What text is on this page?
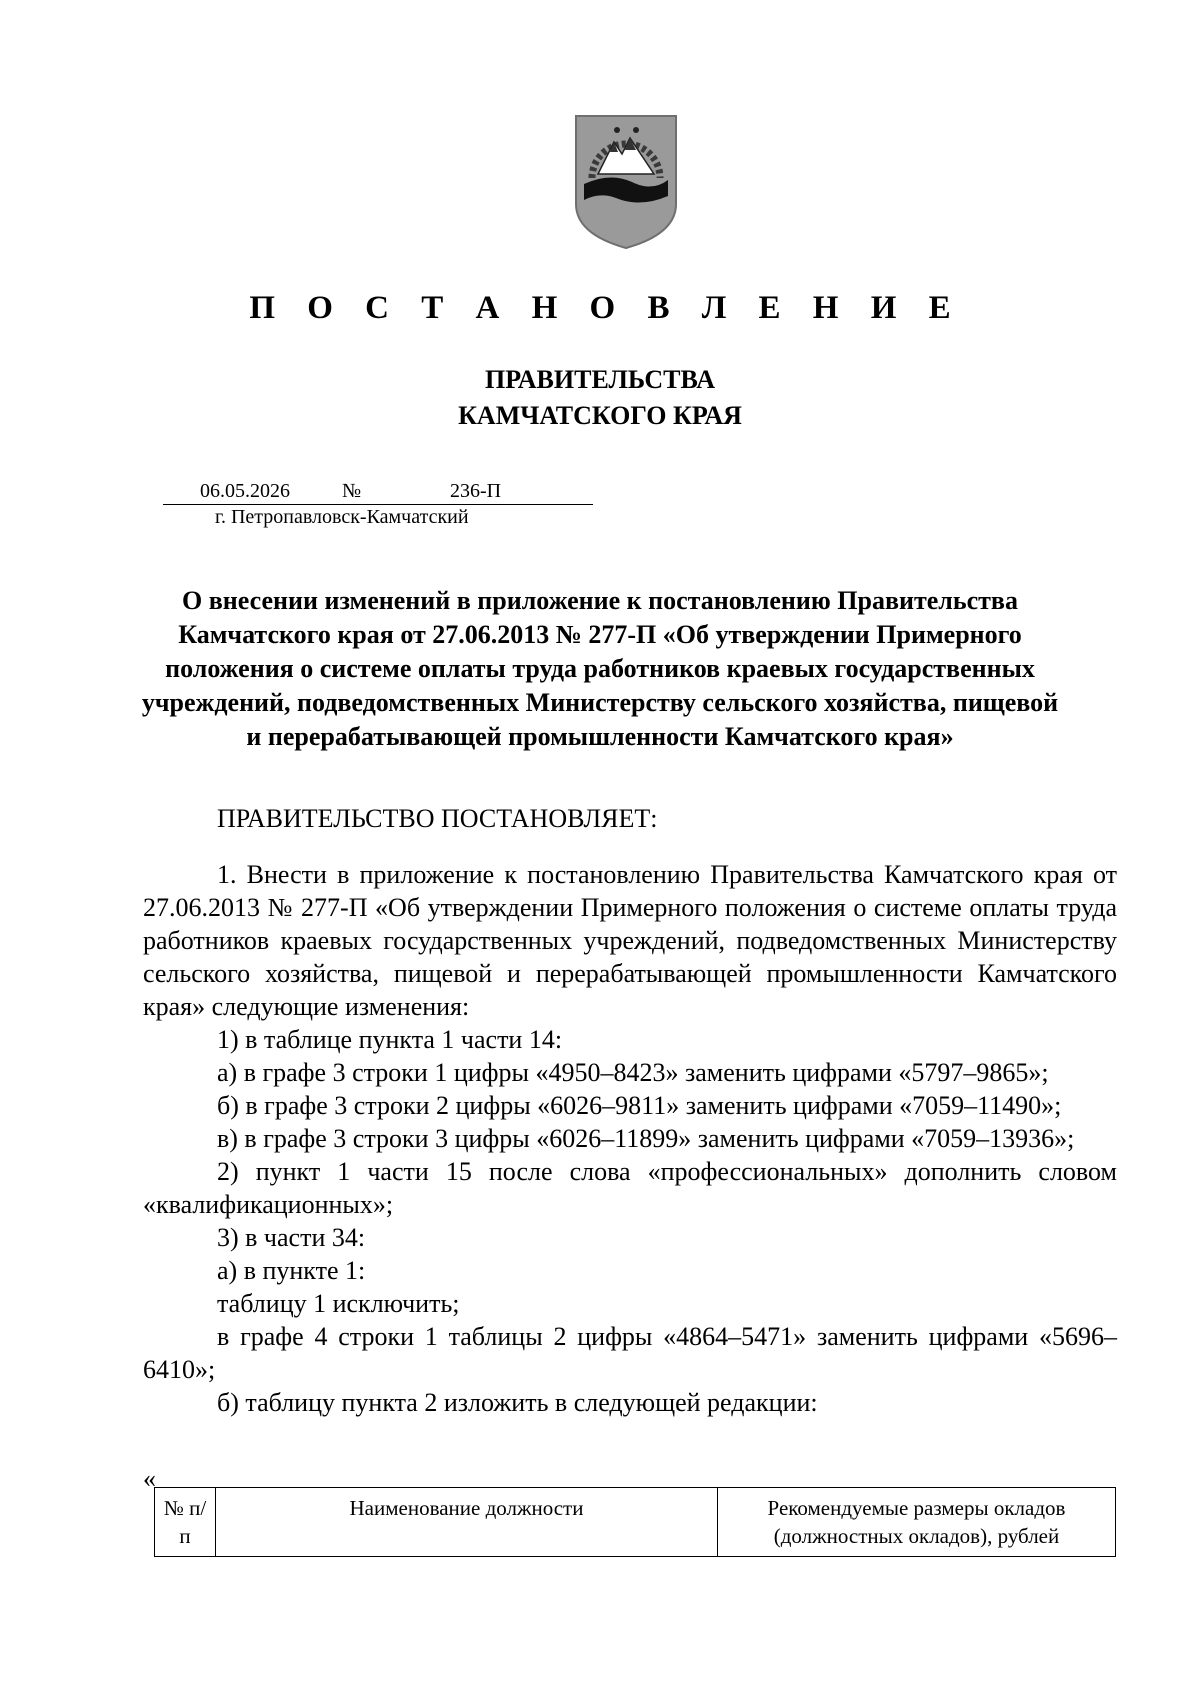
П О С Т А Н О В Л Е Н И Е
ПРАВИТЕЛЬСТВА
КАМЧАТСКОГО КРАЯ
06.05.2026	№	236-П
г. Петропавловск-Камчатский
О внесении изменений в приложение к постановлению Правительства Камчатского края от 27.06.2013 № 277-П «Об утверждении Примерного положения о системе оплаты труда работников краевых государственных учреждений, подведомственных Министерству сельского хозяйства, пищевой и перерабатывающей промышленности Камчатского края»
ПРАВИТЕЛЬСТВО ПОСТАНОВЛЯЕТ:

1. Внести в приложение к постановлению Правительства Камчатского края от 27.06.2013 № 277-П «Об утверждении Примерного положения о системе оплаты труда работников краевых государственных учреждений, подведомственных Министерству сельского хозяйства, пищевой и перерабатывающей промышленности Камчатского края» следующие изменения:

1) в таблице пункта 1 части 14:

а) в графе 3 строки 1 цифры «4950–8423» заменить цифрами «5797–9865»;

б) в графе 3 строки 2 цифры «6026–9811» заменить цифрами «7059–11490»;

в) в графе 3 строки 3 цифры «6026–11899» заменить цифрами «7059–13936»;

2) пункт 1 части 15 после слова «профессиональных» дополнить словом «квалификационных»;

3) в части 34:

а) в пункте 1:

таблицу 1 исключить;

в графе 4 строки 1 таблицы 2 цифры «4864–5471» заменить цифрами «5696–6410»;

б) таблицу пункта 2 изложить в следующей редакции:

«
№ п/п	Наименование должности	Рекомендуемые размеры окладов (должностных окладов), рублей
